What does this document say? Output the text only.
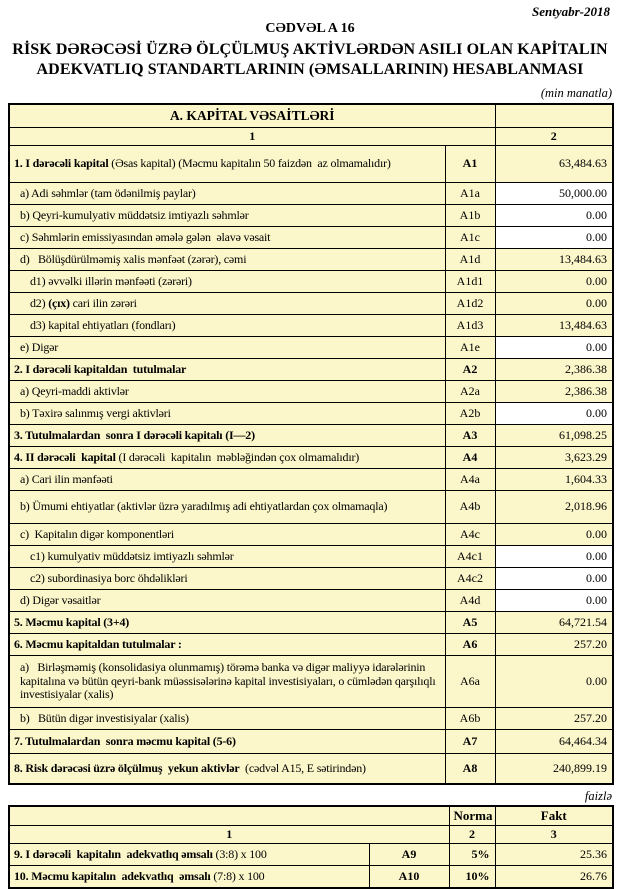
Sentyabr-2018
CƏDVƏL A 16
RİSK DƏRƏCƏSİ ÜZRƏ ÖLÇÜLMUŞ AKTİVLƏRDƏN ASILI OLAN KAPİTALIN
ADEKVATLIQ STANDARTLARININ (ƏMSALLARININ) HESABLANMASI
(min manatla)
A. KAPİTAL VƏSAİTLƏRİ		
1		2
1. I dərəcəli kapital (Əsas kapital) (Məcmu kapitalın 50 faizdən  az olmamalıdır)	A1	63,484.63
a) Adi səhmlər (tam ödənilmiş paylar)	A1a	50,000.00
b) Qeyri-kumulyativ müddətsiz imtiyazlı səhmlər	A1b	0.00
c) Səhmlərin emissiyasından əmələ gələn  əlavə vəsait	A1c	0.00
d)   Bölüşdürülməmiş xalis mənfəət (zərər), cəmi	A1d	13,484.63
d1) əvvəlki illərin mənfəəti (zərəri)	A1d1	0.00
d2) (çıx) cari ilin zərəri	A1d2	0.00
d3) kapital ehtiyatları (fondları)	A1d3	13,484.63
e) Digər	A1e	0.00
2. I dərəcəli kapitaldan  tutulmalar	A2	2,386.38
a) Qeyri-maddi aktivlər	A2a	2,386.38
b) Təxirə salınmış vergi aktivləri	A2b	0.00
3. Tutulmalardan  sonra I dərəcəli kapitalı (I—2)	A3	61,098.25
4. II dərəcəli  kapital (I dərəcəli  kapitalın  məbləğindən çox olmamalıdır)	A4	3,623.29
a) Cari ilin mənfəəti	A4a	1,604.33
b) Ümumi ehtiyatlar (aktivlər üzrə yaradılmış adi ehtiyatlardan çox olmamaqla)	A4b	2,018.96
c)  Kapitalın digər komponentləri	A4c	0.00
c1) kumulyativ müddətsiz imtiyazlı səhmlər	A4c1	0.00
c2) subordinasiya borc öhdəlikləri	A4c2	0.00
d) Digər vəsaitlər	A4d	0.00
5. Məcmu kapital (3+4)	A5	64,721.54
6. Məcmu kapitaldan tutulmalar :	A6	257.20
a)   Birləşməmiş (konsolidasiya olunmamış) törəmə banka və digər maliyyə idarələrinin kapitalına və bütün qeyri-bank müəssisələrinə kapital investisiyaları, o cümlədən qarşılıqlı investisiyalar (xalis)	A6a	0.00
b)   Bütün digər investisiyalar (xalis)	A6b	257.20
7. Tutulmalardan  sonra məcmu kapital (5-6)	A7	64,464.34
8. Risk dərəcəsi üzrə ölçülmuş  yekun aktivlər  (cədvəl A15, E sətirindən)	A8	240,899.19
faizlə
		Norma	Fakt
1		2	3
9. I dərəcəli  kapitalın  adekvatlıq əmsalı (3:8) x 100	A9	5%	25.36
10. Məcmu kapitalın  adekvatlıq  əmsalı (7:8) x 100	A10	10%	26.76
